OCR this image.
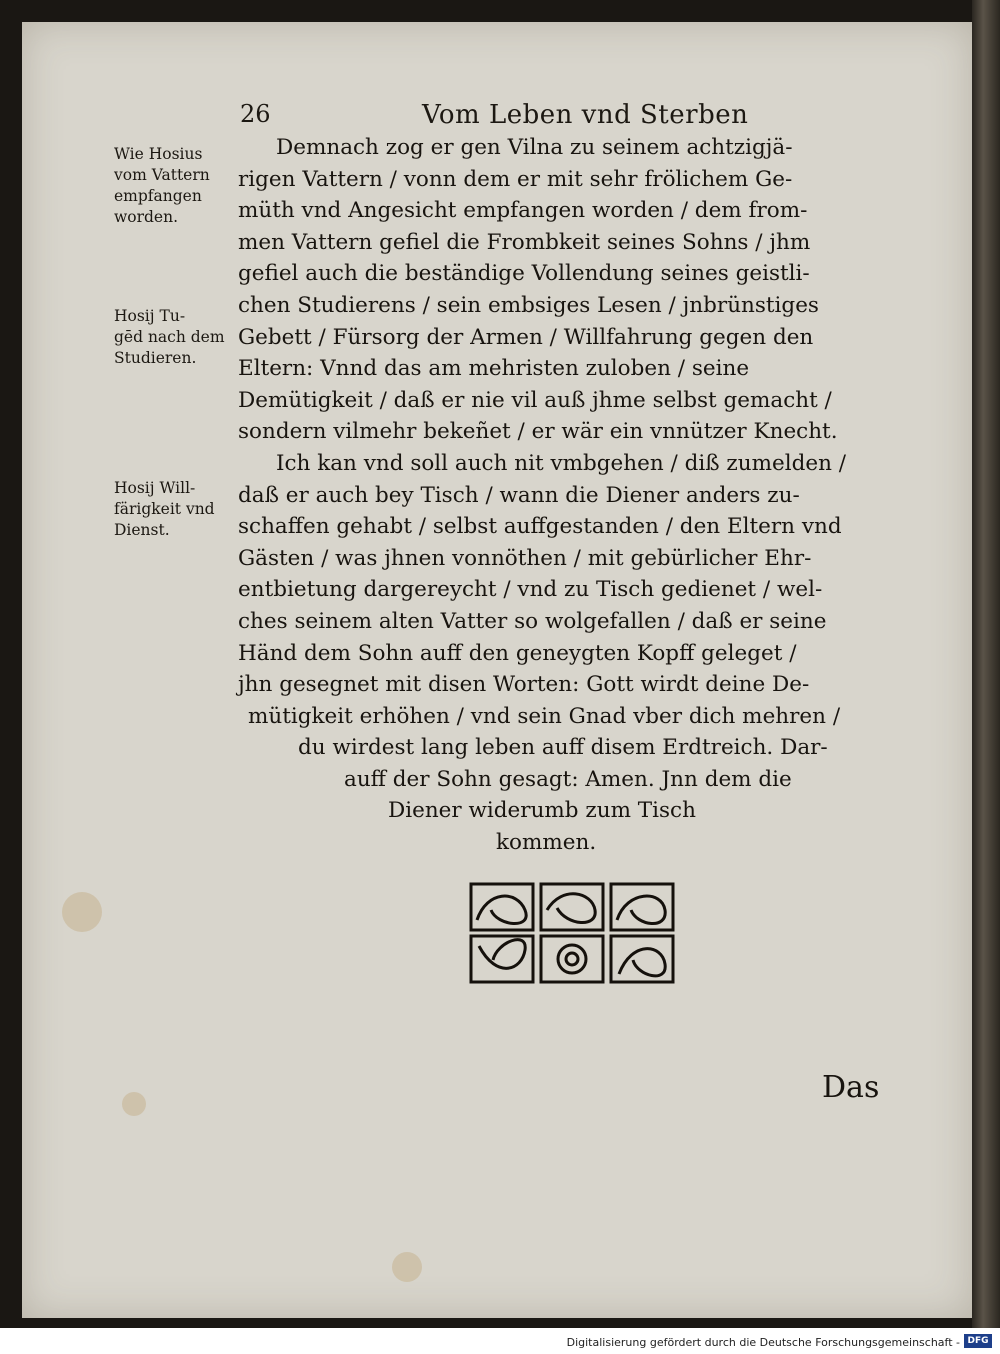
26	Vom Leben vnd Sterben
Wie Hosius
vom Vattern
empfangen
worden.
Hosij Tu-
gēd nach dem
Studieren.
Hosij Will-
färigkeit vnd
Dienst.
Demnach zog er gen Vilna zu seinem achtzigjä-
rigen Vattern / vonn dem er mit sehr frölichem Ge-
müth vnd Angesicht empfangen worden / dem from-
men Vattern gefiel die Frombkeit seines Sohns / jhm
gefiel auch die beständige Vollendung seines geistli-
chen Studierens / sein embsiges Lesen / jnbrünstiges
Gebett / Fürsorg der Armen / Willfahrung gegen den
Eltern: Vnnd das am mehristen zuloben / seine
Demütigkeit / daß er nie vil auß jhme selbst gemacht /
sondern vilmehr bekeñet / er wär ein vnnützer Knecht.
Ich kan vnd soll auch nit vmbgehen / diß zumelden /
daß er auch bey Tisch / wann die Diener anders zu-
schaffen gehabt / selbst auffgestanden / den Eltern vnd
Gästen / was jhnen vonnöthen / mit gebürlicher Ehr-
entbietung dargereycht / vnd zu Tisch gedienet / wel-
ches seinem alten Vatter so wolgefallen / daß er seine
Händ dem Sohn auff den geneygten Kopff geleget /
jhn gesegnet mit disen Worten: Gott wirdt deine De-
mütigkeit erhöhen / vnd sein Gnad vber dich mehren /
du wirdest lang leben auff disem Erdtreich. Dar-
auff der Sohn gesagt: Amen. Jnn dem die
Diener widerumb zum Tisch
kommen.
Das
Digitalisierung gefördert durch die Deutsche Forschungsgemeinschaft - DFG
